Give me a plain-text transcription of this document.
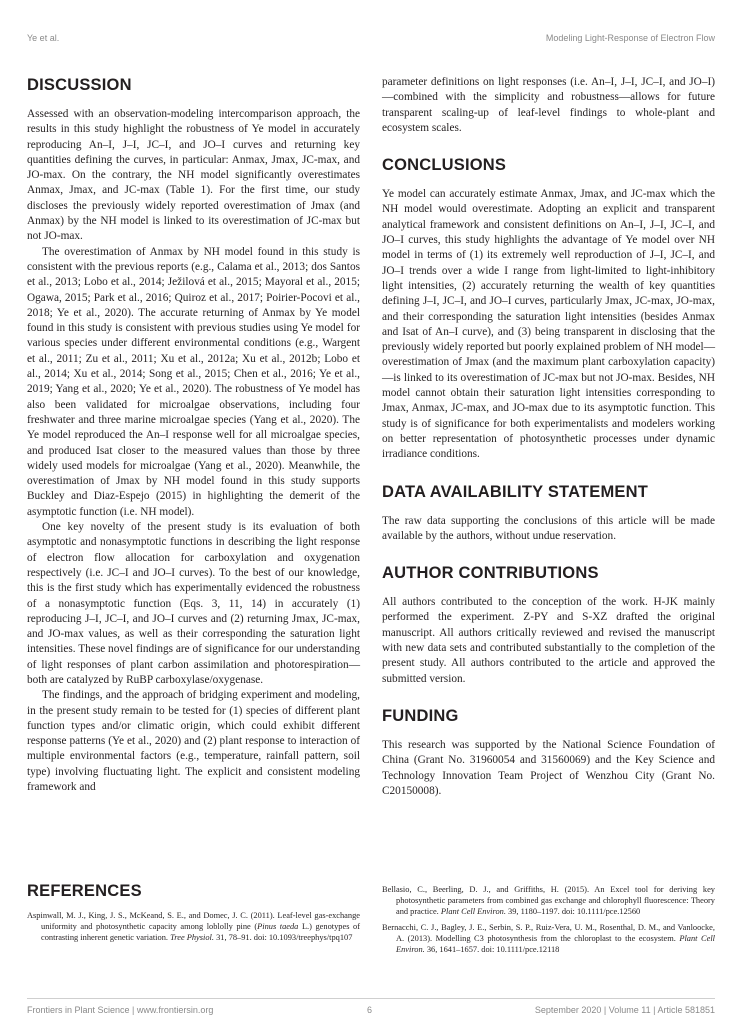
Ye et al.	Modeling Light-Response of Electron Flow
DISCUSSION

Assessed with an observation-modeling intercomparison approach, the results in this study highlight the robustness of Ye model in accurately reproducing An–I, J–I, JC–I, and JO–I curves and returning key quantities defining the curves, in particular: Anmax, Jmax, JC-max, and JO-max. On the contrary, the NH model significantly overestimates Anmax, Jmax, and JC-max (Table 1). For the first time, our study discloses the previously widely reported overestimation of Jmax (and Anmax) by the NH model is linked to its overestimation of JC-max but not JO-max.

The overestimation of Anmax by NH model found in this study is consistent with the previous reports (e.g., Calama et al., 2013; dos Santos et al., 2013; Lobo et al., 2014; Ježilová et al., 2015; Mayoral et al., 2015; Ogawa, 2015; Park et al., 2016; Quiroz et al., 2017; Poirier-Pocovi et al., 2018; Ye et al., 2020). The accurate returning of Anmax by Ye model found in this study is consistent with previous studies using Ye model for various species under different environmental conditions (e.g., Wargent et al., 2011; Zu et al., 2011; Xu et al., 2012a; Xu et al., 2012b; Lobo et al., 2014; Xu et al., 2014; Song et al., 2015; Chen et al., 2016; Ye et al., 2019; Yang et al., 2020; Ye et al., 2020). The robustness of Ye model has also been validated for microalgae observations, including four freshwater and three marine microalgae species (Yang et al., 2020). The Ye model reproduced the An–I response well for all microalgae species, and produced Isat closer to the measured values than those by three widely used models for microalgae (Yang et al., 2020). Meanwhile, the overestimation of Jmax by NH model found in this study supports Buckley and Diaz-Espejo (2015) in highlighting the demerit of the asymptotic function (i.e. NH model).

One key novelty of the present study is its evaluation of both asymptotic and nonasymptotic functions in describing the light response of electron flow allocation for carboxylation and oxygenation respectively (i.e. JC–I and JO–I curves). To the best of our knowledge, this is the first study which has experimentally evidenced the robustness of a nonasymptotic function (Eqs. 3, 11, 14) in accurately (1) reproducing J–I, JC–I, and JO–I curves and (2) returning Jmax, JC-max, and JO-max values, as well as their corresponding the saturation light intensities. These novel findings are of significance for our understanding of light responses of plant carbon assimilation and photorespiration—both are catalyzed by RuBP carboxylase/oxygenase.

The findings, and the approach of bridging experiment and modeling, in the present study remain to be tested for (1) species of different plant function types and/or climatic origin, which could exhibit different response patterns (Ye et al., 2020) and (2) plant response to interaction of multiple environmental factors (e.g., temperature, rainfall pattern, soil type) involving fluctuating light. The explicit and consistent modeling framework and

parameter definitions on light responses (i.e. An–I, J–I, JC–I, and JO–I)—combined with the simplicity and robustness—allows for future transparent scaling-up of leaf-level findings to whole-plant and ecosystem scales.

CONCLUSIONS

Ye model can accurately estimate Anmax, Jmax, and JC-max which the NH model would overestimate. Adopting an explicit and transparent analytical framework and consistent definitions on An–I, J–I, JC–I, and JO–I curves, this study highlights the advantage of Ye model over NH model in terms of (1) its extremely well reproduction of J–I, JC–I, and JO–I trends over a wide I range from light-limited to light-inhibitory light intensities, (2) accurately returning the wealth of key quantities defining J–I, JC–I, and JO–I curves, particularly Jmax, JC-max, JO-max, and their corresponding the saturation light intensities (besides Anmax and Isat of An–I curve), and (3) being transparent in disclosing that the previously widely reported but poorly explained problem of NH model—overestimation of Jmax (and the maximum plant carboxylation capacity)—is linked to its overestimation of JC-max but not JO-max. Besides, NH model cannot obtain their saturation light intensities corresponding to Jmax, Anmax, JC-max, and JO-max due to its asymptotic function. This study is of significance for both experimentalists and modelers working on better representation of photosynthetic processes under dynamic irradiance conditions.

DATA AVAILABILITY STATEMENT

The raw data supporting the conclusions of this article will be made available by the authors, without undue reservation.

AUTHOR CONTRIBUTIONS

All authors contributed to the conception of the work. H-JK mainly performed the experiment. Z-PY and S-XZ drafted the original manuscript. All authors critically reviewed and revised the manuscript with new data sets and contributed substantially to the completion of the present study. All authors contributed to the article and approved the submitted version.

FUNDING

This research was supported by the National Science Foundation of China (Grant No. 31960054 and 31560069) and the Key Science and Technology Innovation Team Project of Wenzhou City (Grant No. C20150008).

REFERENCES

Aspinwall, M. J., King, J. S., McKeand, S. E., and Domec, J. C. (2011). Leaf-level gas-exchange uniformity and photosynthetic capacity among loblolly pine (Pinus taeda L.) genotypes of contrasting inherent genetic variation. Tree Physiol. 31, 78–91. doi: 10.1093/treephys/tpq107

Bellasio, C., Beerling, D. J., and Griffiths, H. (2015). An Excel tool for deriving key photosynthetic parameters from combined gas exchange and chlorophyll fluorescence: Theory and practice. Plant Cell Environ. 39, 1180–1197. doi: 10.1111/pce.12560

Bernacchi, C. J., Bagley, J. E., Serbin, S. P., Ruiz-Vera, U. M., Rosenthal, D. M., and Vanloocke, A. (2013). Modelling C3 photosynthesis from the chloroplast to the ecosystem. Plant Cell Environ. 36, 1641–1657. doi: 10.1111/pce.12118

Frontiers in Plant Science | www.frontiersin.org	6	September 2020 | Volume 11 | Article 581851
